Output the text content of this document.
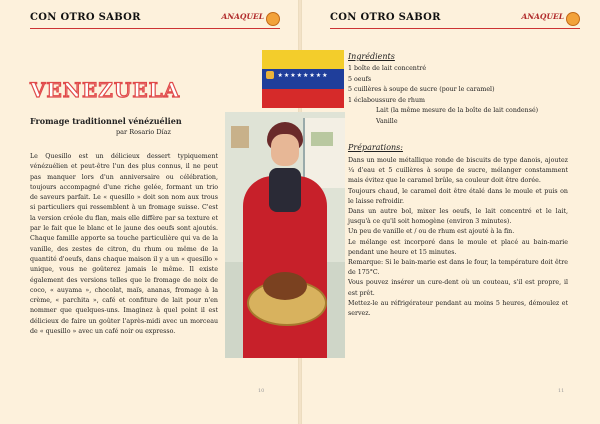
CON OTRO SABOR	ANAQUEL
VENEZUELA
Fromage traditionnel vénézuélien
par Rosario Díaz
Le Quesillo est un délicieux dessert typiquement vénézuélien et peut-être l'un des plus connus, il ne peut pas manquer lors d'un anniversaire ou célébration, toujours accompagné d'une riche gelée, formant un trio de saveurs parfait. Le « quesillo » doit son nom aux trous si particuliers qui ressemblent à un fromage suisse. C'est la version créole du flan, mais elle diffère par sa texture et par le fait que le blanc et le jaune des oeufs sont ajoutés. Chaque famille apporte sa touche particulière qui va de la vanille, des zestes de citron, du rhum ou même de la quantité d'oeufs, dans chaque maison il y a un « quesillo » unique, vous ne goûterez jamais le même. Il existe également des versions telles que le fromage de noix de coco, « auyama », chocolat, maïs, ananas, fromage à la crème, « parchita », café et confiture de lait pour n'en nommer que quelques-uns. Imaginez à quel point il est délicieux de faire un goûter l'après-midi avec un morceau de « quesillo » avec un café noir ou expresso.
10
CON OTRO SABOR	ANAQUEL
11
★★★★★★★★
Ingrédients
1 boîte de lait concentré
5 oeufs
5 cuillères à soupe de sucre (pour le caramel)
1 éclaboussure de rhum
Lait (la même mesure de la boîte de lait condensé)
Vanille
Préparations:
Dans un moule métallique ronde de biscuits de type danois, ajoutez ¼ d'eau et 5 cuillères à soupe de sucre, mélanger constamment mais évitez que le caramel brûle, sa couleur doit être dorée.
Toujours chaud, le caramel doit être étalé dans le moule et puis on le laisse refroidir.
Dans un autre bol, mixer les oeufs, le lait concentré et le lait, jusqu'à ce qu'il soit homogène (environ 3 minutes).
Un peu de vanille et / ou de rhum est ajouté à la fin.
Le mélange est incorporé dans le moule et placé au bain-marie pendant une heure et 15 minutes.
Remarque: Si le bain-marie est dans le four, la température doit être de 175°C.
Vous pouvez insérer un cure-dent où un couteau, s'il est propre, il est prêt.
Mettez-le au réfrigérateur pendant au moins 5 heures, démoulez et servez.
